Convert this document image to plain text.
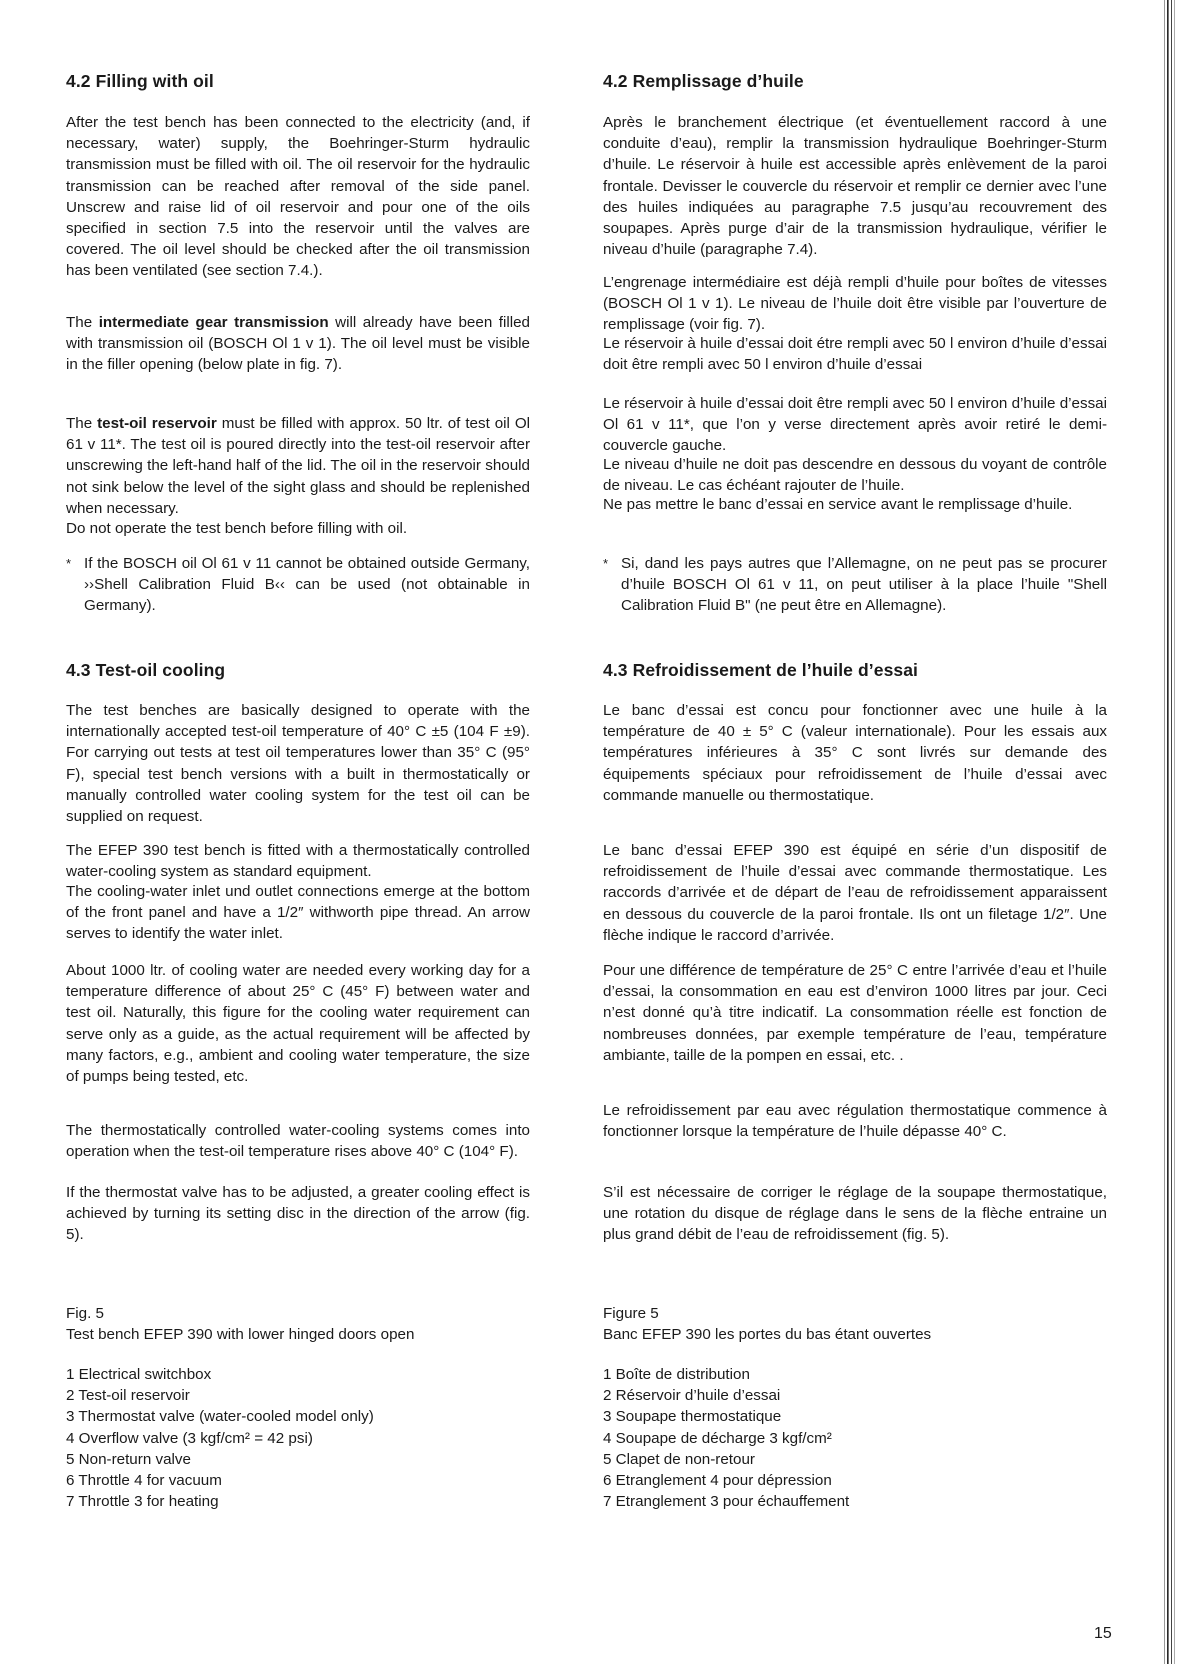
4.2 Filling with oil

After the test bench has been connected to the electricity (and, if necessary, water) supply, the Boehringer-Sturm hydraulic transmission must be filled with oil. The oil reservoir for the hydraulic transmission can be reached after removal of the side panel. Unscrew and raise lid of oil reservoir and pour one of the oils specified in section 7.5 into the reservoir until the valves are covered. The oil level should be checked after the oil transmission has been ventilated (see section 7.4.).

The intermediate gear transmission will already have been filled with transmission oil (BOSCH Ol 1 v 1). The oil level must be visible in the filler opening (below plate in fig. 7).

The test-oil reservoir must be filled with approx. 50 ltr. of test oil Ol 61 v 11*. The test oil is poured directly into the test-oil reservoir after unscrewing the left-hand half of the lid. The oil in the reservoir should not sink below the level of the sight glass and should be replenished when necessary.

Do not operate the test bench before filling with oil.

* If the BOSCH oil Ol 61 v 11 cannot be obtained outside Germany, ››Shell Calibration Fluid B‹‹ can be used (not obtainable in Germany).

4.3 Test-oil cooling

The test benches are basically designed to operate with the internationally accepted test-oil temperature of 40° C ±5 (104 F ±9). For carrying out tests at test oil temperatures lower than 35° C (95° F), special test bench versions with a built in thermostatically or manually controlled water cooling system for the test oil can be supplied on request.

The EFEP 390 test bench is fitted with a thermostatically controlled water-cooling system as standard equipment.

The cooling-water inlet und outlet connections emerge at the bottom of the front panel and have a 1/2″ withworth pipe thread. An arrow serves to identify the water inlet.

About 1000 ltr. of cooling water are needed every working day for a temperature difference of about 25° C (45° F) between water and test oil. Naturally, this figure for the cooling water requirement can serve only as a guide, as the actual requirement will be affected by many factors, e.g., ambient and cooling water temperature, the size of pumps being tested, etc.

The thermostatically controlled water-cooling systems comes into operation when the test-oil temperature rises above 40° C (104° F).

If the thermostat valve has to be adjusted, a greater cooling effect is achieved by turning its setting disc in the direction of the arrow (fig. 5).

Fig. 5

Test bench EFEP 390 with lower hinged doors open

1 Electrical switchbox
2 Test-oil reservoir
3 Thermostat valve (water-cooled model only)
4 Overflow valve (3 kgf/cm² = 42 psi)
5 Non-return valve
6 Throttle 4 for vacuum
7 Throttle 3 for heating
4.2 Remplissage d’huile

Après le branchement électrique (et éventuellement raccord à une conduite d’eau), remplir la transmission hydraulique Boehringer-Sturm d’huile. Le réservoir à huile est accessible après enlèvement de la paroi frontale. Devisser le couvercle du réservoir et remplir ce dernier avec l’une des huiles indiquées au paragraphe 7.5 jusqu’au recouvrement des soupapes. Après purge d’air de la transmission hydraulique, vérifier le niveau d’huile (paragraphe 7.4).

L’engrenage intermédiaire est déjà rempli d’huile pour boîtes de vitesses (BOSCH Ol 1 v 1). Le niveau de l’huile doit être visible par l’ouverture de remplissage (voir fig. 7).

Le réservoir à huile d’essai doit étre rempli avec 50 l environ d’huile d’essai doit être rempli avec 50 l environ d’huile d’essai

Le réservoir à huile d’essai doit être rempli avec 50 l environ d’huile d’essai Ol 61 v 11*, que l’on y verse directement après avoir retiré le demi-couvercle gauche.

Le niveau d’huile ne doit pas descendre en dessous du voyant de contrôle de niveau. Le cas échéant rajouter de l’huile.

Ne pas mettre le banc d’essai en service avant le remplissage d’huile.

* Si, dand les pays autres que l’Allemagne, on ne peut pas se procurer d’huile BOSCH Ol 61 v 11, on peut utiliser à la place l’huile "Shell Calibration Fluid B" (ne peut être en Allemagne).

4.3 Refroidissement de l’huile d’essai

Le banc d’essai est concu pour fonctionner avec une huile à la température de 40 ± 5° C (valeur internationale). Pour les essais aux températures inférieures à 35° C sont livrés sur demande des équipements spéciaux pour refroidissement de l’huile d’essai avec commande manuelle ou thermostatique.

Le banc d’essai EFEP 390 est équipé en série d’un dispositif de refroidissement de l’huile d’essai avec commande thermostatique. Les raccords d’arrivée et de départ de l’eau de refroidissement apparaissent en dessous du couvercle de la paroi frontale. Ils ont un filetage 1/2″. Une flèche indique le raccord d’arrivée.

Pour une différence de température de 25° C entre l’arrivée d’eau et l’huile d’essai, la consommation en eau est d’environ 1000 litres par jour. Ceci n’est donné qu’à titre indicatif. La consommation réelle est fonction de nombreuses données, par exemple température de l’eau, température ambiante, taille de la pompen en essai, etc. .

Le refroidissement par eau avec régulation thermostatique commence à fonctionner lorsque la température de l’huile dépasse 40° C.

S’il est nécessaire de corriger le réglage de la soupape thermostatique, une rotation du disque de réglage dans le sens de la flèche entraine un plus grand débit de l’eau de refroidissement (fig. 5).

Figure 5

Banc EFEP 390 les portes du bas étant ouvertes

1 Boîte de distribution
2 Réservoir d’huile d’essai
3 Soupape thermostatique
4 Soupape de décharge 3 kgf/cm²
5 Clapet de non-retour
6 Etranglement 4 pour dépression
7 Etranglement 3 pour échauffement
15
